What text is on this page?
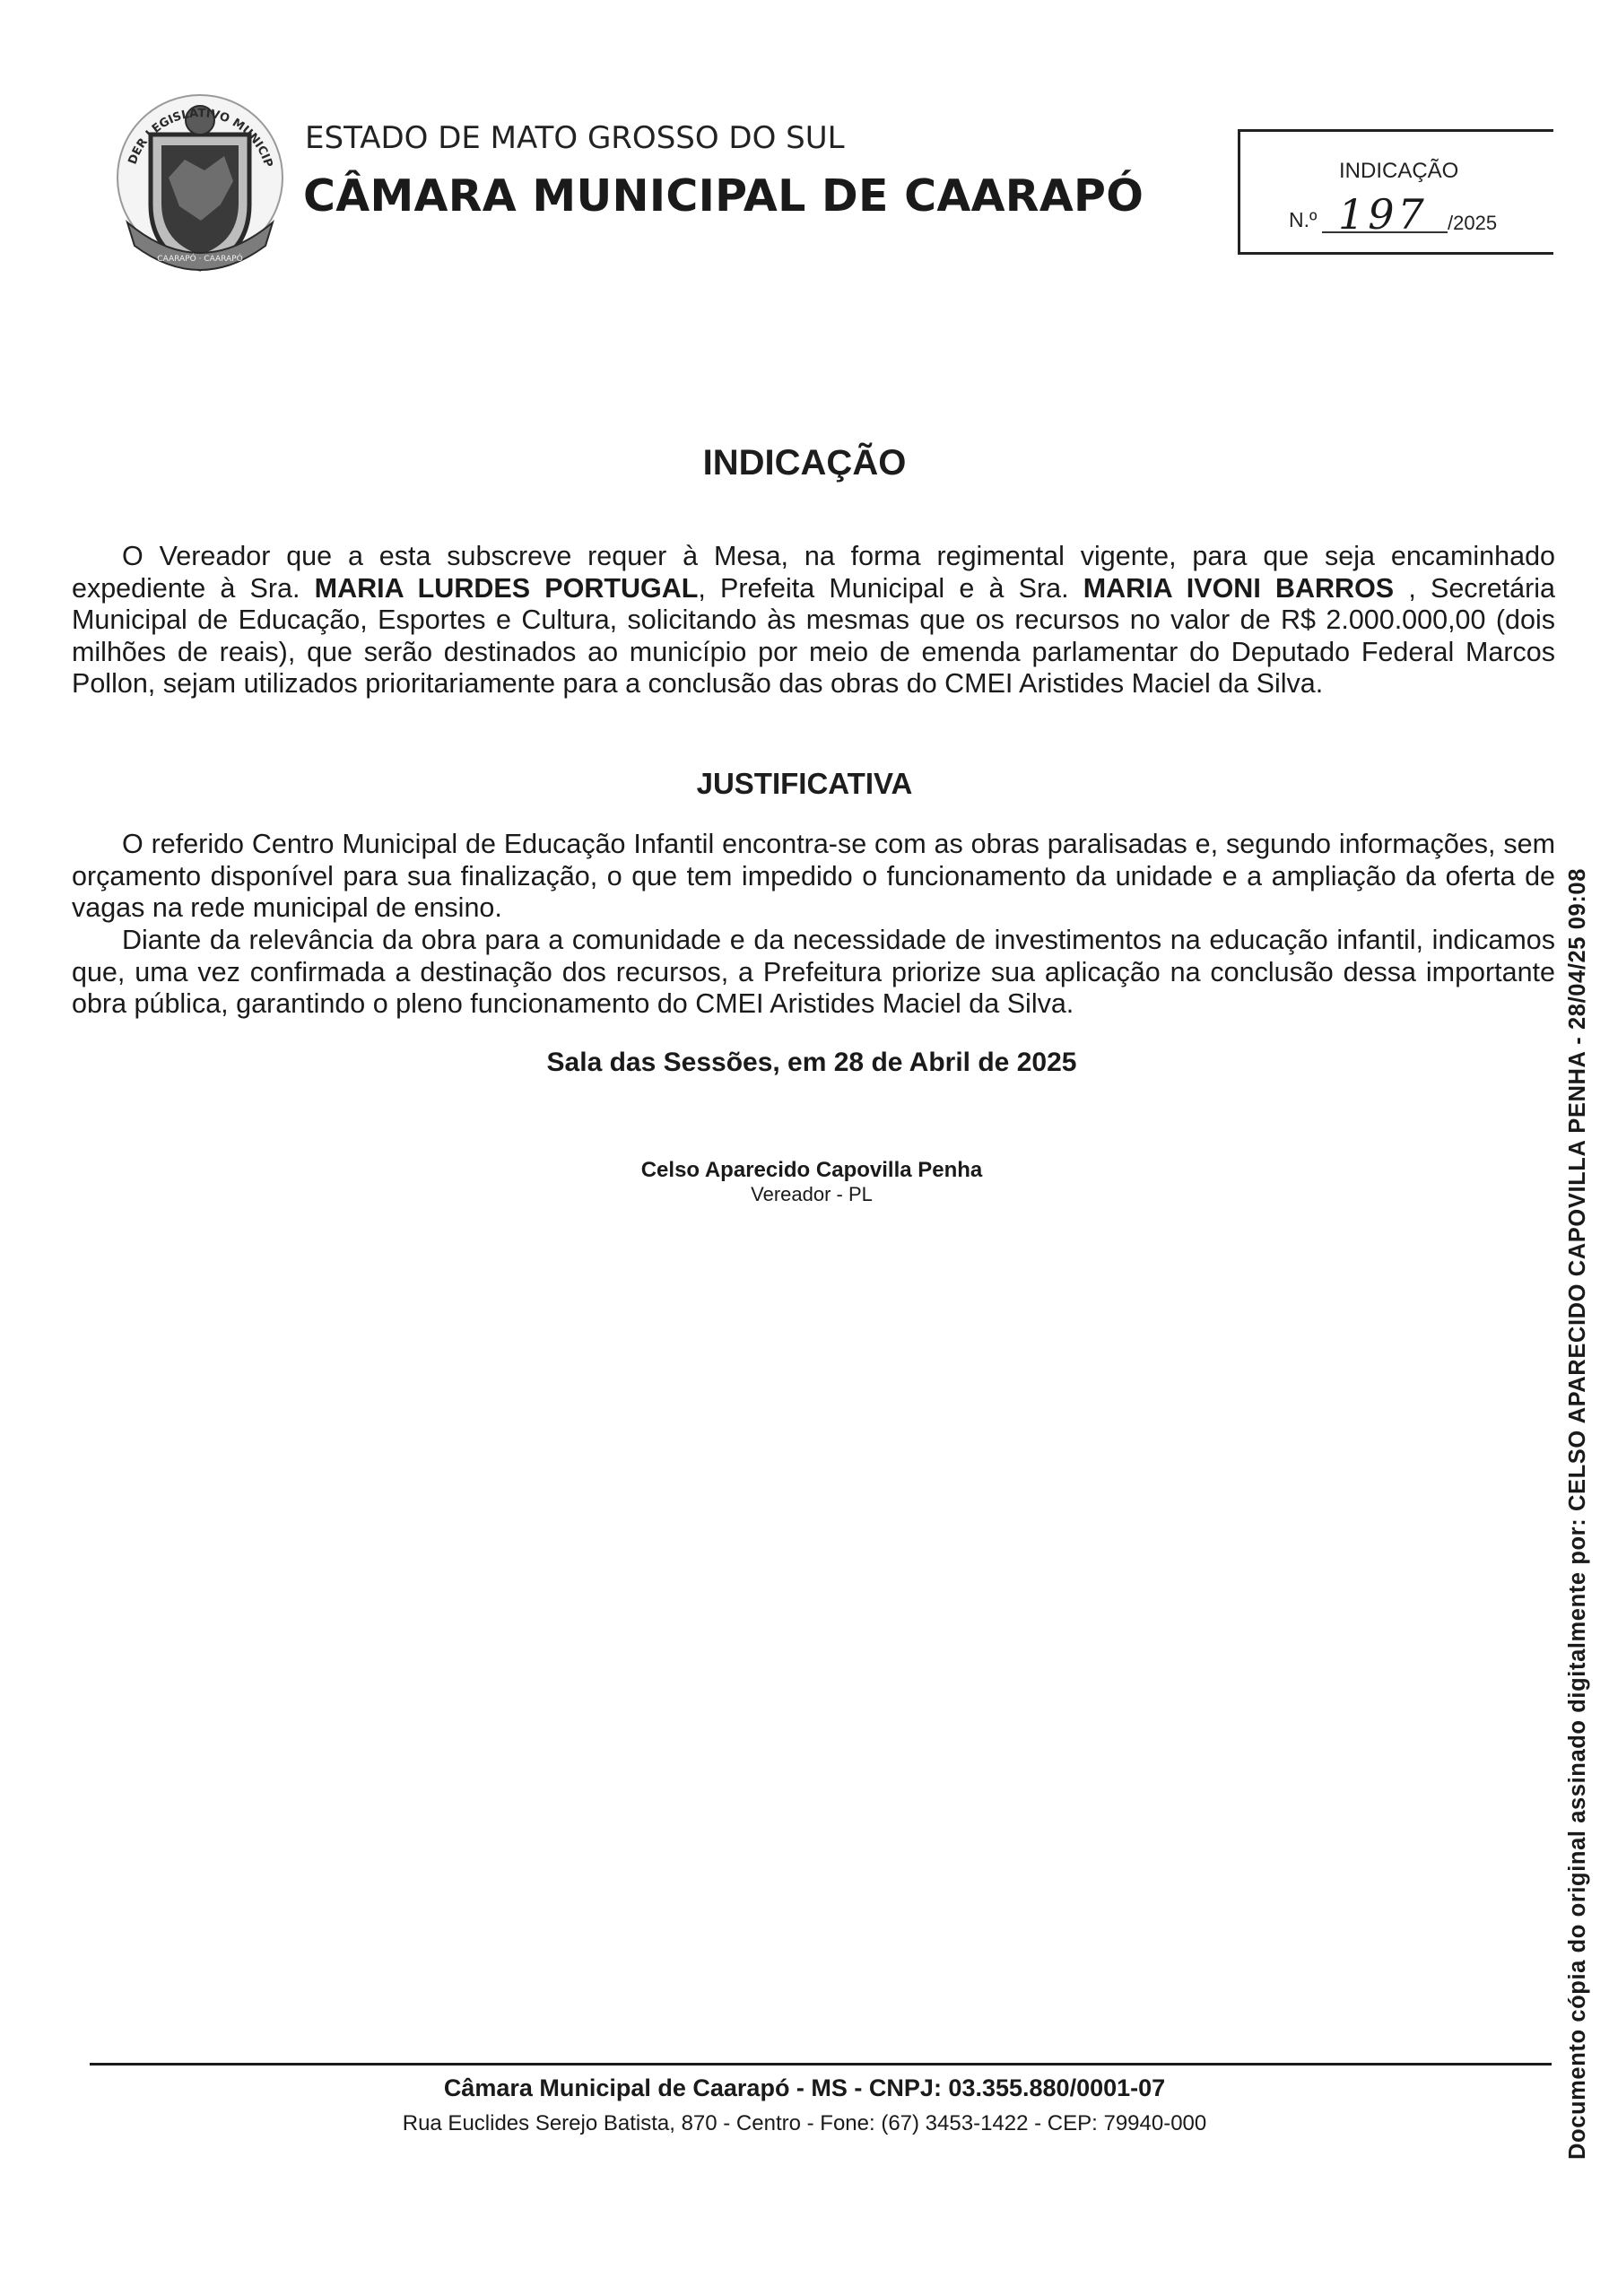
DER LEGISLATIVO MUNICIP
CAARAPÓ · CAARAPÓ
ESTADO DE MATO GROSSO DO SUL
CÂMARA MUNICIPAL DE CAARAPÓ	INDICAÇÃO
N.º 197 /2025
INDICAÇÃO
O Vereador que a esta subscreve requer à Mesa, na forma regimental vigente, para que seja encaminhado expediente à Sra. MARIA LURDES PORTUGAL, Prefeita Municipal e à Sra. MARIA IVONI BARROS , Secretária Municipal de Educação, Esportes e Cultura, solicitando às mesmas que os recursos no valor de R$ 2.000.000,00 (dois milhões de reais), que serão destinados ao município por meio de emenda parlamentar do Deputado Federal Marcos Pollon, sejam utilizados prioritariamente para a conclusão das obras do CMEI Aristides Maciel da Silva.
JUSTIFICATIVA
O referido Centro Municipal de Educação Infantil encontra-se com as obras paralisadas e, segundo informações, sem orçamento disponível para sua finalização, o que tem impedido o funcionamento da unidade e a ampliação da oferta de vagas na rede municipal de ensino.
Diante da relevância da obra para a comunidade e da necessidade de investimentos na educação infantil, indicamos que, uma vez confirmada a destinação dos recursos, a Prefeitura priorize sua aplicação na conclusão dessa importante obra pública, garantindo o pleno funcionamento do CMEI Aristides Maciel da Silva.
Sala das Sessões, em 28 de Abril de 2025
Celso Aparecido Capovilla Penha
Vereador - PL
Câmara Municipal de Caarapó - MS - CNPJ: 03.355.880/0001-07
Rua Euclides Serejo Batista, 870 - Centro - Fone: (67) 3453-1422 - CEP: 79940-000	Documento cópia do original assinado digitalmente por: CELSO APARECIDO CAPOVILLA PENHA - 28/04/25 09:08
